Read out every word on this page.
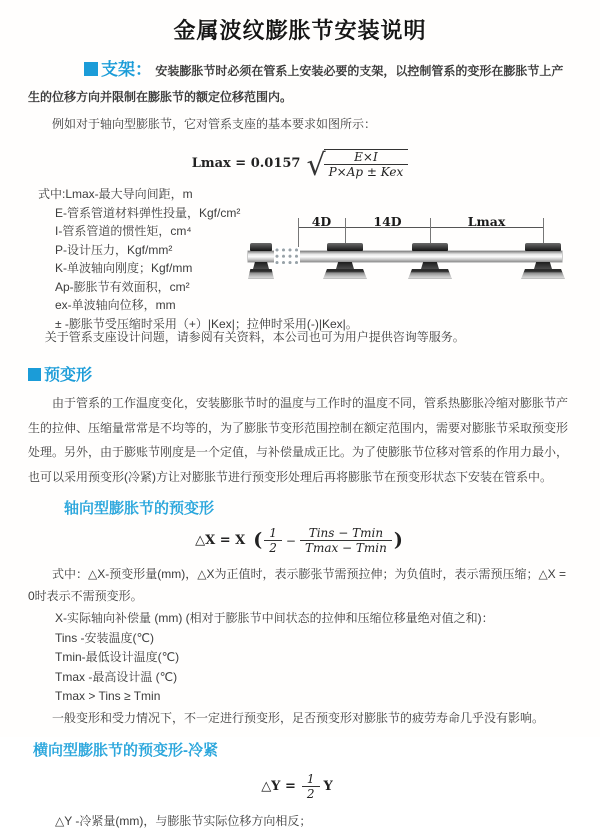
金属波纹膨胀节安装说明

支架： 安装膨胀节时必须在管系上安装必要的支架，以控制管系的变形在膨胀节上产生的位移方向并限制在膨胀节的额定位移范围内。

例如对于轴向型膨胀节，它对管系支座的基本要求如图所示：

Lmax = 0.0157 √
$\frac{E\times I}{\text{P×Ap ± Kex}}$
式中:Lmax-最大导向间距，m
E-管系管道材料弹性投量，Kgf/cm²
I-管系管道的惯性矩，cm⁴
P-设计压力，Kgf/mm²
K-单波轴向刚度；Kgf/mm
Ap-膨胀节有效面积，cm²
ex-单波轴向位移，mm
± -膨胀节受压缩时采用（+）|Kex|；拉伸时采用(-)|Kex|。
4D	14D	Lmax

关于管系支座设计问题，请参阅有关资料，本公司也可为用户提供咨询等服务。

预变形

由于管系的工作温度变化，安装膨胀节时的温度与工作时的温度不同，管系热膨胀冷缩对膨胀节产生的拉伸、压缩量常常是不均等的，为了膨胀节变形范围控制在额定范围内，需要对膨胀节采取预变形处理。另外，由于膨账节刚度是一个定值，与补偿量成正比。为了使膨胀节位移对管系的作用力最小，也可以采用预变形(冷紧)方让对膨胀节进行预变形处理后再将膨胀节在预变形状态下安装在管系中。

轴向型膨胀节的预变形
△X = X ( $\frac{1}{2} - \frac{\text{Tins − Tmin}}{Tmax - Tmin}$ )

式中：△X-预变形量(mm)，△X为正值时，表示膨张节需预拉伸；为负值时，表示需预压缩；△X = 0时表示不需预变形。

X-实际轴向补偿量 (mm) (相对于膨胀节中间状态的拉伸和压缩位移量绝对值之和)：
Tins -安装温度(℃)
Tmin-最低设计温度(℃)
Tmax -最高设计温 (℃)
Tmax > Tins ≥ Tmin

一般变形和受力情况下，不一定进行预变形，足否预变形对膨胀节的疲劳寿命几乎没有影响。

横向型膨胀节的预变形-冷紧
△Y = $\frac{1}{2}$ Y

△Y -冷紧量(mm)，与膨胀节实际位移方向相反；
